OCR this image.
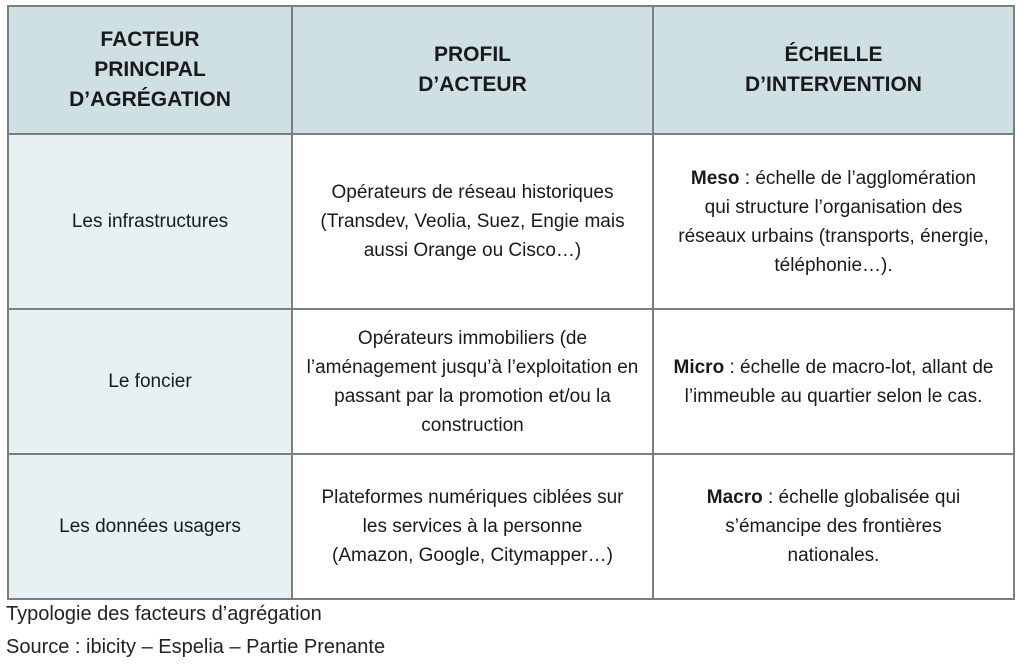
FACTEUR PRINCIPAL D’AGRÉGATION	PROFIL D’ACTEUR	ÉCHELLE D’INTERVENTION
Les infrastructures	Opérateurs de réseau historiques (Transdev, Veolia, Suez, Engie mais aussi Orange ou Cisco…)	Meso : échelle de l’agglomération qui structure l’organisation des réseaux urbains (transports, énergie, téléphonie…).
Le foncier	Opérateurs immobiliers (de l’aménagement jusqu’à l’exploitation en passant par la promotion et/ou la construction	Micro : échelle de macro-lot, allant de l’immeuble au quartier selon le cas.
Les données usagers	Plateformes numériques ciblées sur les services à la personne (Amazon, Google, Citymapper…)	Macro : échelle globalisée qui s’émancipe des frontières nationales.
Typologie des facteurs d’agrégation
Source : ibicity – Espelia – Partie Prenante
